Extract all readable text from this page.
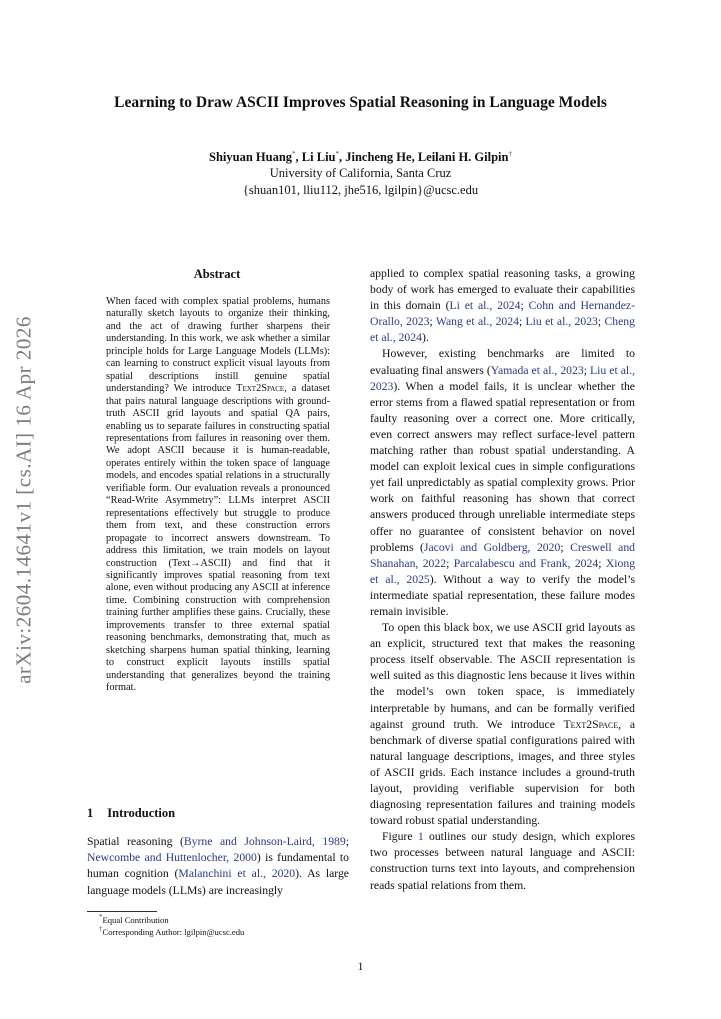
Learning to Draw ASCII Improves Spatial Reasoning in Language Models
Shiyuan Huang*, Li Liu*, Jincheng He, Leilani H. Gilpin†
University of California, Santa Cruz
{shuan101, lliu112, jhe516, lgilpin}@ucsc.edu
arXiv:2604.14641v1 [cs.AI] 16 Apr 2026
Abstract
When faced with complex spatial problems, humans naturally sketch layouts to organize their thinking, and the act of drawing further sharpens their understanding. In this work, we ask whether a similar principle holds for Large Language Models (LLMs): can learning to construct explicit visual layouts from spatial descriptions instill genuine spatial understanding? We introduce Text2Space, a dataset that pairs natural language descriptions with ground-truth ASCII grid layouts and spatial QA pairs, enabling us to separate failures in constructing spatial representations from failures in reasoning over them. We adopt ASCII because it is human-readable, operates entirely within the token space of language models, and encodes spatial relations in a structurally verifiable form. Our evaluation reveals a pronounced “Read-Write Asymmetry”: LLMs interpret ASCII representations effectively but struggle to produce them from text, and these construction errors propagate to incorrect answers downstream. To address this limitation, we train models on layout construction (Text→ASCII) and find that it significantly improves spatial reasoning from text alone, even without producing any ASCII at inference time. Combining construction with comprehension training further amplifies these gains. Crucially, these improvements transfer to three external spatial reasoning benchmarks, demonstrating that, much as sketching sharpens human spatial thinking, learning to construct explicit layouts instills spatial understanding that generalizes beyond the training format.
1 Introduction
Spatial reasoning (Byrne and Johnson-Laird, 1989; Newcombe and Huttenlocher, 2000) is fundamental to human cognition (Malanchini et al., 2020). As large language models (LLMs) are increasingly
*Equal Contribution
†Corresponding Author: lgilpin@ucsc.edu

applied to complex spatial reasoning tasks, a growing body of work has emerged to evaluate their capabilities in this domain (Li et al., 2024; Cohn and Hernandez-Orallo, 2023; Wang et al., 2024; Liu et al., 2023; Cheng et al., 2024).

However, existing benchmarks are limited to evaluating final answers (Yamada et al., 2023; Liu et al., 2023). When a model fails, it is unclear whether the error stems from a flawed spatial representation or from faulty reasoning over a correct one. More critically, even correct answers may reflect surface-level pattern matching rather than robust spatial understanding. A model can exploit lexical cues in simple configurations yet fail unpredictably as spatial complexity grows. Prior work on faithful reasoning has shown that correct answers produced through unreliable intermediate steps offer no guarantee of consistent behavior on novel problems (Jacovi and Goldberg, 2020; Creswell and Shanahan, 2022; Parcalabescu and Frank, 2024; Xiong et al., 2025). Without a way to verify the model’s intermediate spatial representation, these failure modes remain invisible.

To open this black box, we use ASCII grid layouts as an explicit, structured text that makes the reasoning process itself observable. The ASCII representation is well suited as this diagnostic lens because it lives within the model’s own token space, is immediately interpretable by humans, and can be formally verified against ground truth. We introduce Text2Space, a benchmark of diverse spatial configurations paired with natural language descriptions, images, and three styles of ASCII grids. Each instance includes a ground-truth layout, providing verifiable supervision for both diagnosing representation failures and training models toward robust spatial understanding.

Figure 1 outlines our study design, which explores two processes between natural language and ASCII: construction turns text into layouts, and comprehension reads spatial relations from them.

1
